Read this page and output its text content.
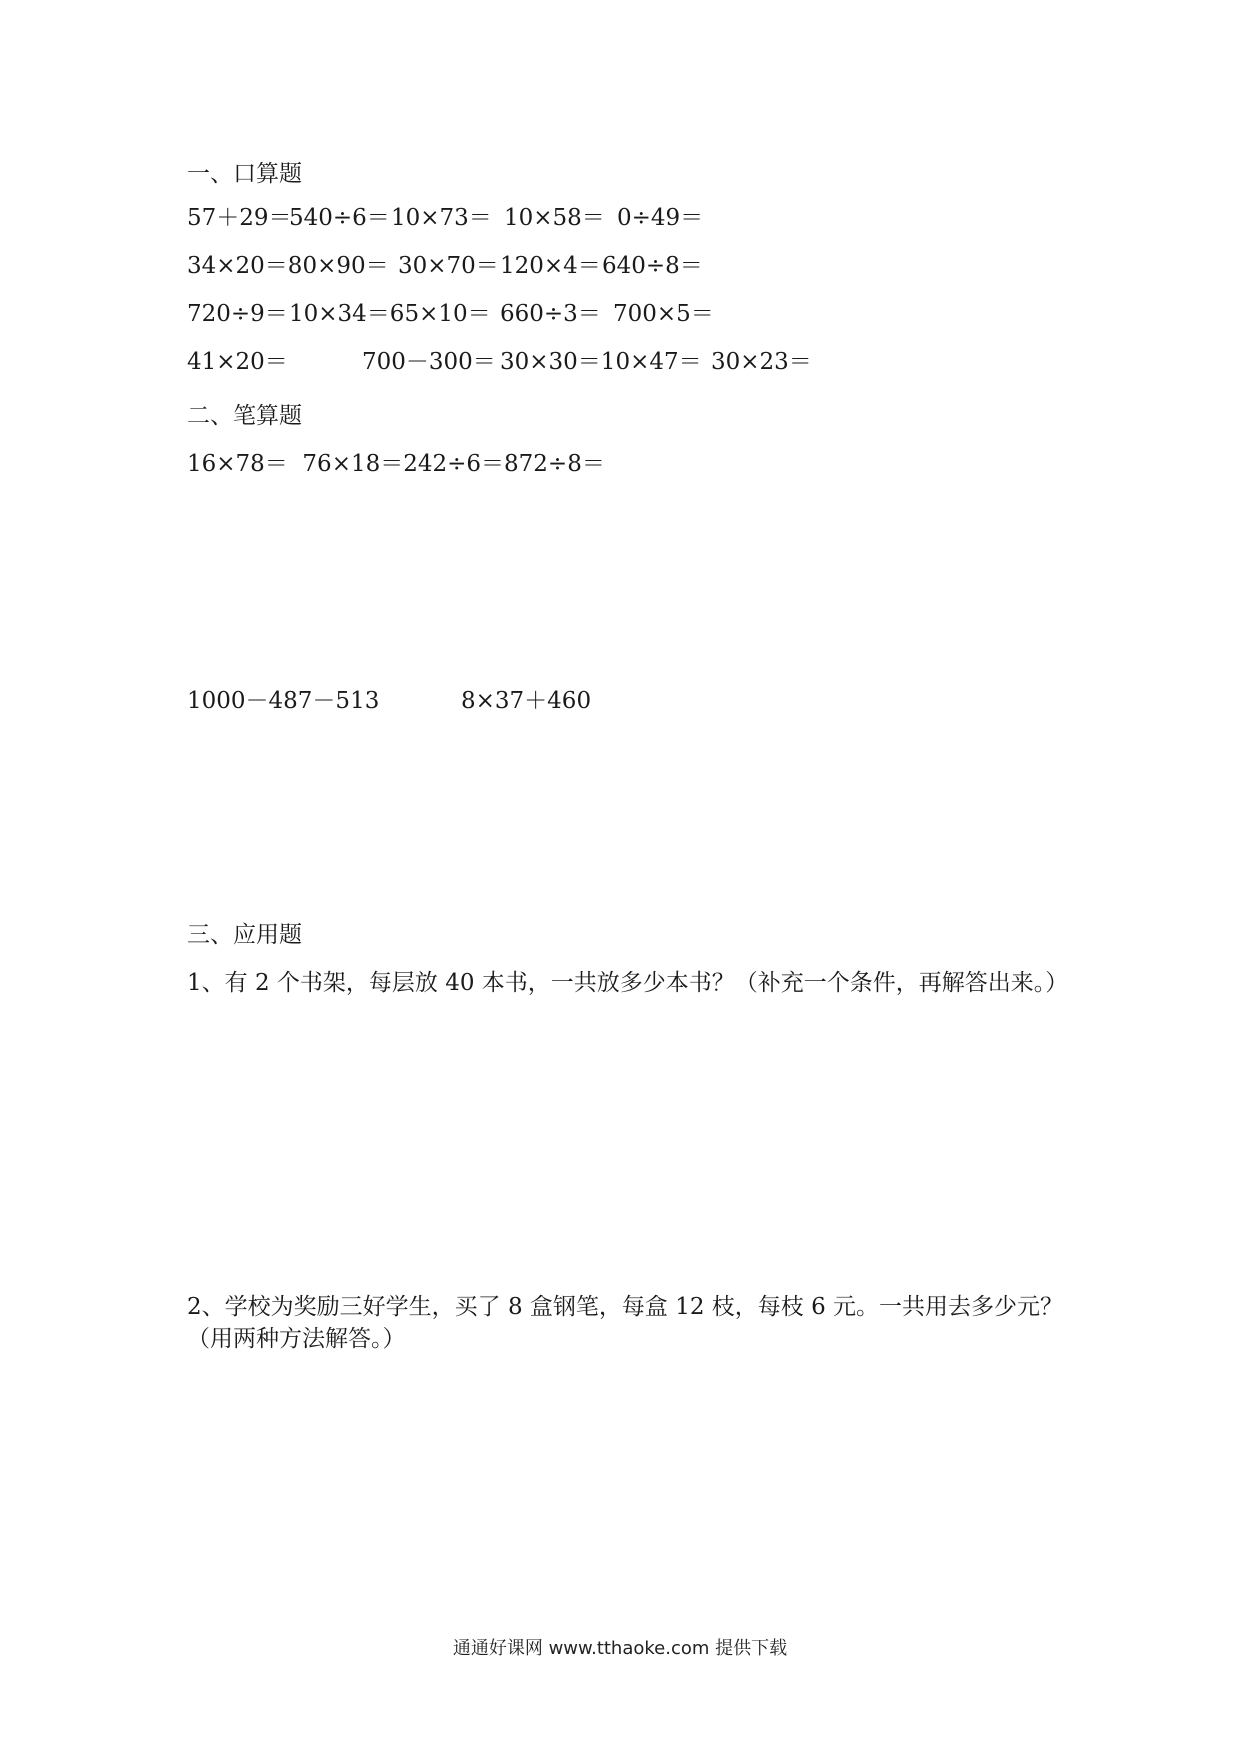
一、口算题
57＋29＝
540÷6＝ 10×73＝ 10×58＝ 0÷49＝
34×20＝80×90＝ 30×70＝ 120×4＝ 640÷8＝
720÷9＝ 10×34＝65×10＝ 660÷3＝ 700×5＝
41×20＝	700－300＝ 30×30＝10×47＝ 30×23＝
二、笔算题
16×78＝  76×18＝242÷6＝872÷8＝
1000－487－513	8×37＋460
三、应用题
1、有 2 个书架，每层放 40 本书，一共放多少本书？（补充一个条件，再解答出来。）
2、学校为奖励三好学生，买了 8 盒钢笔，每盒 12 枝，每枝 6 元。一共用去多少元？（用两种方法解答。）
通通好课网 www.tthaoke.com 提供下载
